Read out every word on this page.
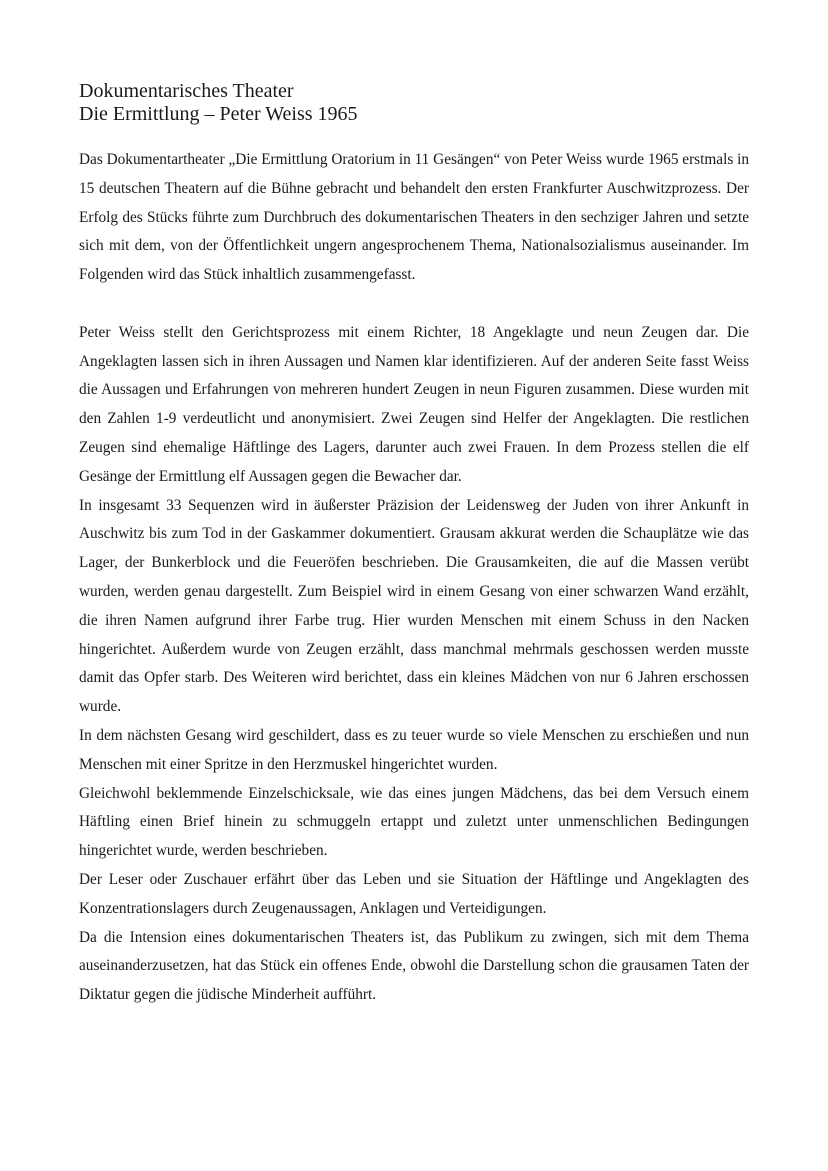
Dokumentarisches Theater
Die Ermittlung – Peter Weiss 1965

Das Dokumentartheater „Die Ermittlung Oratorium in 11 Gesängen“ von Peter Weiss wurde 1965 erstmals in 15 deutschen Theatern auf die Bühne gebracht und behandelt den ersten Frankfurter Auschwitzprozess. Der Erfolg des Stücks führte zum Durchbruch des dokumentarischen Theaters in den sechziger Jahren und setzte sich mit dem, von der Öffentlichkeit ungern angesprochenem Thema, Nationalsozialismus auseinander. Im Folgenden wird das Stück inhaltlich zusammengefasst.

Peter Weiss stellt den Gerichtsprozess mit einem Richter, 18 Angeklagte und neun Zeugen dar. Die Angeklagten lassen sich in ihren Aussagen und Namen klar identifizieren. Auf der anderen Seite fasst Weiss die Aussagen und Erfahrungen von mehreren hundert Zeugen in neun Figuren zusammen. Diese wurden mit den Zahlen 1-9 verdeutlicht und anonymisiert. Zwei Zeugen sind Helfer der Angeklagten. Die restlichen Zeugen sind ehemalige Häftlinge des Lagers, darunter auch zwei Frauen. In dem Prozess stellen die elf Gesänge der Ermittlung elf Aussagen gegen die Bewacher dar.

In insgesamt 33 Sequenzen wird in äußerster Präzision der Leidensweg der Juden von ihrer Ankunft in Auschwitz bis zum Tod in der Gaskammer dokumentiert. Grausam akkurat werden die Schauplätze wie das Lager, der Bunkerblock und die Feueröfen beschrieben. Die Grausamkeiten, die auf die Massen verübt wurden, werden genau dargestellt. Zum Beispiel wird in einem Gesang von einer schwarzen Wand erzählt, die ihren Namen aufgrund ihrer Farbe trug. Hier wurden Menschen mit einem Schuss in den Nacken hingerichtet. Außerdem wurde von Zeugen erzählt, dass manchmal mehrmals geschossen werden musste damit das Opfer starb. Des Weiteren wird berichtet, dass ein kleines Mädchen von nur 6 Jahren erschossen wurde.

In dem nächsten Gesang wird geschildert, dass es zu teuer wurde so viele Menschen zu erschießen und nun Menschen mit einer Spritze in den Herzmuskel hingerichtet wurden.

Gleichwohl beklemmende Einzelschicksale, wie das eines jungen Mädchens, das bei dem Versuch einem Häftling einen Brief hinein zu schmuggeln ertappt und zuletzt unter unmenschlichen Bedingungen hingerichtet wurde, werden beschrieben.

Der Leser oder Zuschauer erfährt über das Leben und sie Situation der Häftlinge und Angeklagten des Konzentrationslagers durch Zeugenaussagen, Anklagen und Verteidigungen.

Da die Intension eines dokumentarischen Theaters ist, das Publikum zu zwingen, sich mit dem Thema auseinanderzusetzen, hat das Stück ein offenes Ende, obwohl die Darstellung schon die grausamen Taten der Diktatur gegen die jüdische Minderheit aufführt.
